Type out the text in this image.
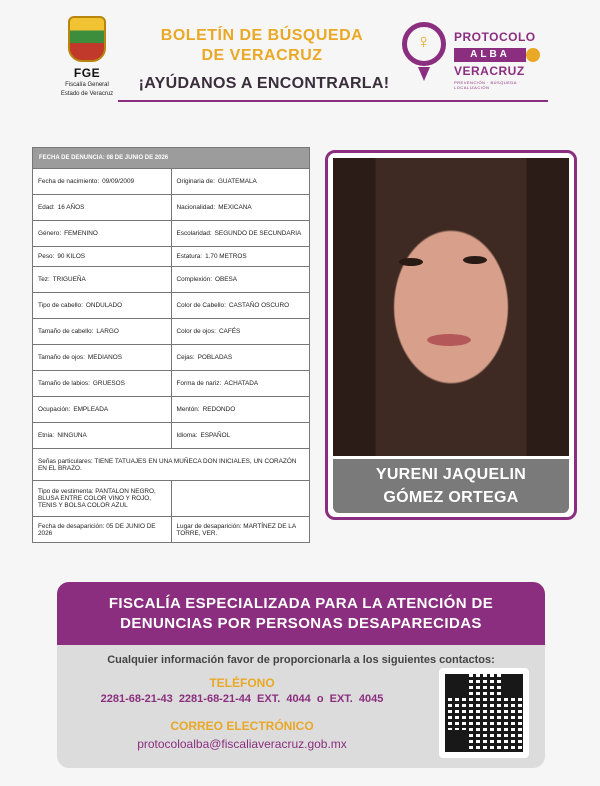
FGE
Fiscalía General
Estado de Veracruz
BOLETÍN DE BÚSQUEDA
DE VERACRUZ
¡AYÚDANOS A ENCONTRARLA!
♀ PROTOCOLO
ALBA
VERACRUZ
PREVENCIÓN · BÚSQUEDA · LOCALIZACIÓN
FECHA DE DENUNCIA: 08 DE JUNIO DE 2026
Fecha de nacimiento: 09/09/2009	Originaria de: GUATEMALA
Edad: 16 AÑOS	Nacionalidad: MEXICANA
Género: FEMENINO	Escolaridad: SEGUNDO DE SECUNDARIA
Peso: 90 KILOS	Estatura: 1.70 METROS
Tez: TRIGUEÑA	Complexión: OBESA
Tipo de cabello: ONDULADO	Color de Cabello: CASTAÑO OSCURO
Tamaño de cabello: LARGO	Color de ojos: CAFÉS
Tamaño de ojos: MEDIANOS	Cejas: POBLADAS
Tamaño de labios: GRUESOS	Forma de nariz: ACHATADA
Ocupación: EMPLEADA	Mentón: REDONDO
Etnia: NINGUNA	Idioma: ESPAÑOL
Señas particulares: TIENE TATUAJES EN UNA MUÑECA DON INICIALES, UN CORAZÓN EN EL BRAZO.
Tipo de vestimenta: PANTALON NEGRO, BLUSA ENTRE COLOR VINO Y ROJO, TENIS Y BOLSA COLOR AZUL
Fecha de desaparición: 05 DE JUNIO DE 2026
Lugar de desaparición: MARTÍNEZ DE LA TORRE, VER.
YURENI JAQUELIN
GÓMEZ ORTEGA
FISCALÍA ESPECIALIZADA PARA LA ATENCIÓN DE
DENUNCIAS POR PERSONAS DESAPARECIDAS
Cualquier información favor de proporcionarla a los siguientes contactos:
TELÉFONO
2281-68-21-43 2281-68-21-44 EXT. 4044 o EXT. 4045
CORREO ELECTRÓNICO
protocoloalba@fiscaliaveracruz.gob.mx
